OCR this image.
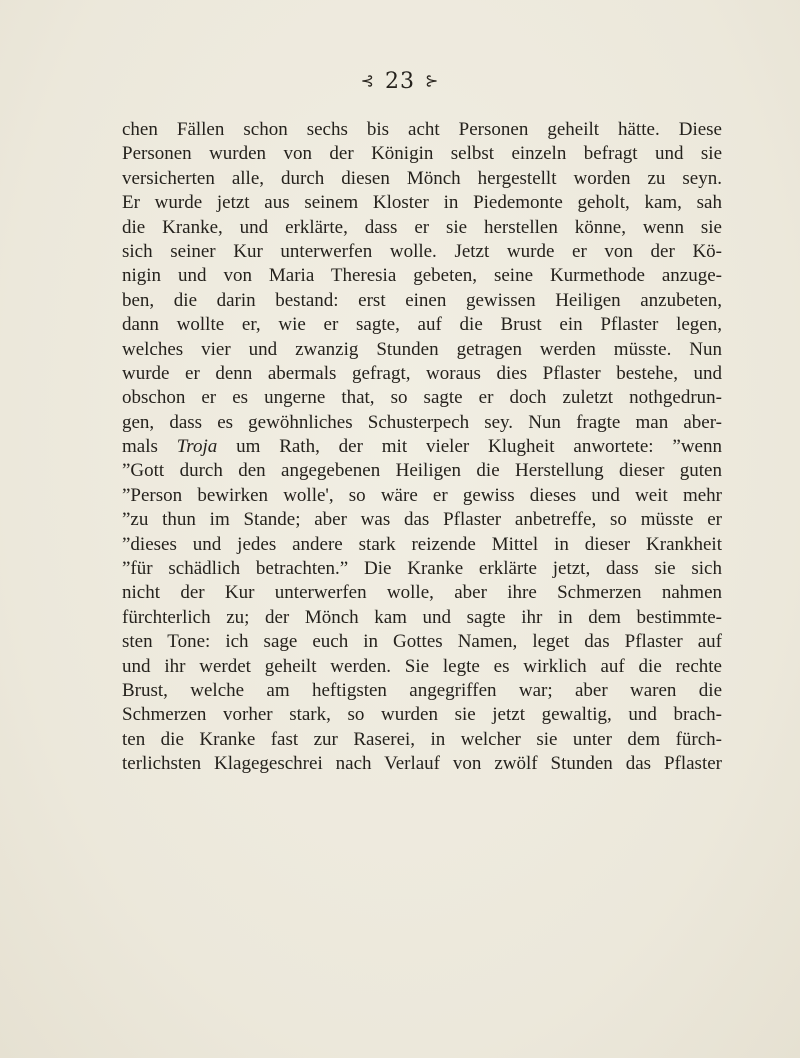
⊰ 23 ⊱
chen Fällen schon sechs bis acht Personen geheilt hätte. Diese
Personen wurden von der Königin selbst einzeln befragt und sie
versicherten alle, durch diesen Mönch hergestellt worden zu seyn.
Er wurde jetzt aus seinem Kloster in Piedemonte geholt, kam, sah
die Kranke, und erklärte, dass er sie herstellen könne, wenn sie
sich seiner Kur unterwerfen wolle. Jetzt wurde er von der Kö-
nigin und von Maria Theresia gebeten, seine Kurmethode anzuge-
ben, die darin bestand: erst einen gewissen Heiligen anzubeten,
dann wollte er, wie er sagte, auf die Brust ein Pflaster legen,
welches vier und zwanzig Stunden getragen werden müsste. Nun
wurde er denn abermals gefragt, woraus dies Pflaster bestehe, und
obschon er es ungerne that, so sagte er doch zuletzt nothgedrun-
gen, dass es gewöhnliches Schusterpech sey. Nun fragte man aber-
mals Troja um Rath, der mit vieler Klugheit anwortete: ”wenn
”Gott durch den angegebenen Heiligen die Herstellung dieser guten
”Person bewirken wolle', so wäre er gewiss dieses und weit mehr
”zu thun im Stande; aber was das Pflaster anbetreffe, so müsste er
”dieses und jedes andere stark reizende Mittel in dieser Krankheit
”für schädlich betrachten.” Die Kranke erklärte jetzt, dass sie sich
nicht der Kur unterwerfen wolle, aber ihre Schmerzen nahmen
fürchterlich zu; der Mönch kam und sagte ihr in dem bestimmte-
sten Tone: ich sage euch in Gottes Namen, leget das Pflaster auf
und ihr werdet geheilt werden. Sie legte es wirklich auf die rechte
Brust, welche am heftigsten angegriffen war; aber waren die
Schmerzen vorher stark, so wurden sie jetzt gewaltig, und brach-
ten die Kranke fast zur Raserei, in welcher sie unter dem fürch-
terlichsten Klagegeschrei nach Verlauf von zwölf Stunden das Pflaster
